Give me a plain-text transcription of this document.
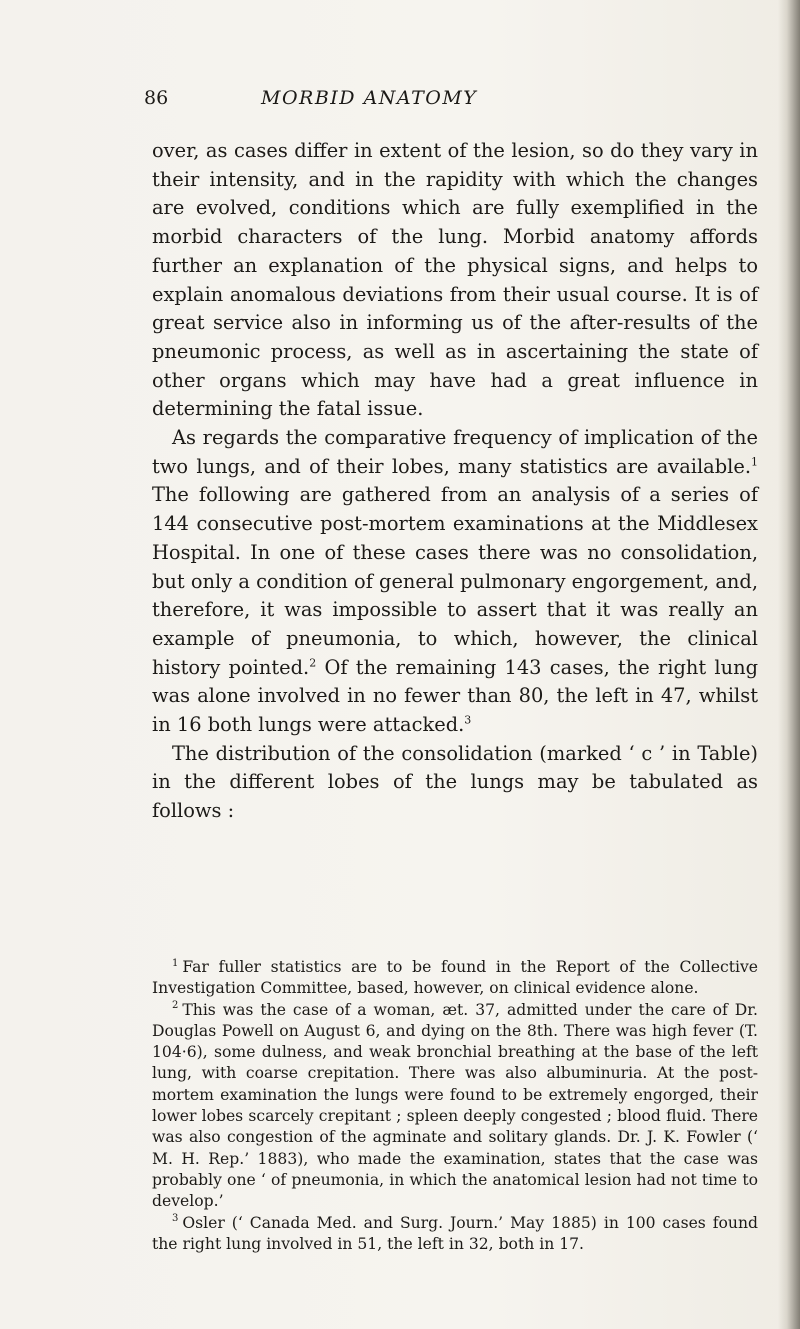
86	MORBID ANATOMY

over, as cases differ in extent of the lesion, so do they vary in their intensity, and in the rapidity with which the changes are evolved, conditions which are fully exemplified in the morbid characters of the lung. Morbid anatomy affords further an explanation of the physical signs, and helps to explain anomalous deviations from their usual course. It is of great service also in informing us of the after-results of the pneumonic process, as well as in ascertaining the state of other organs which may have had a great influence in determining the fatal issue.

As regards the comparative frequency of implication of the two lungs, and of their lobes, many statistics are available.$^1$ The following are gathered from an analysis of a series of 144 consecutive post-mortem examinations at the Middlesex Hospital. In one of these cases there was no consolidation, but only a condition of general pulmonary engorgement, and, therefore, it was impossible to assert that it was really an example of pneumonia, to which, however, the clinical history pointed.$^2$ Of the remaining 143 cases, the right lung was alone involved in no fewer than 80, the left in 47, whilst in 16 both lungs were attacked.$^3$

The distribution of the consolidation (marked ‘ c ’ in Table) in the different lobes of the lungs may be tabulated as follows :

$^1$ Far fuller statistics are to be found in the Report of the Collective Investigation Committee, based, however, on clinical evidence alone.

$^2$ This was the case of a woman, æt. 37, admitted under the care of Dr. Douglas Powell on August 6, and dying on the 8th. There was high fever (T. 104·6), some dulness, and weak bronchial breathing at the base of the left lung, with coarse crepitation. There was also albuminuria. At the post-mortem examination the lungs were found to be extremely engorged, their lower lobes scarcely crepitant ; spleen deeply congested ; blood fluid. There was also congestion of the agminate and solitary glands. Dr. J. K. Fowler (‘ M. H. Rep.’ 1883), who made the examination, states that the case was probably one ‘ of pneumonia, in which the anatomical lesion had not time to develop.’

$^3$ Osler (‘ Canada Med. and Surg. Journ.’ May 1885) in 100 cases found the right lung involved in 51, the left in 32, both in 17.
